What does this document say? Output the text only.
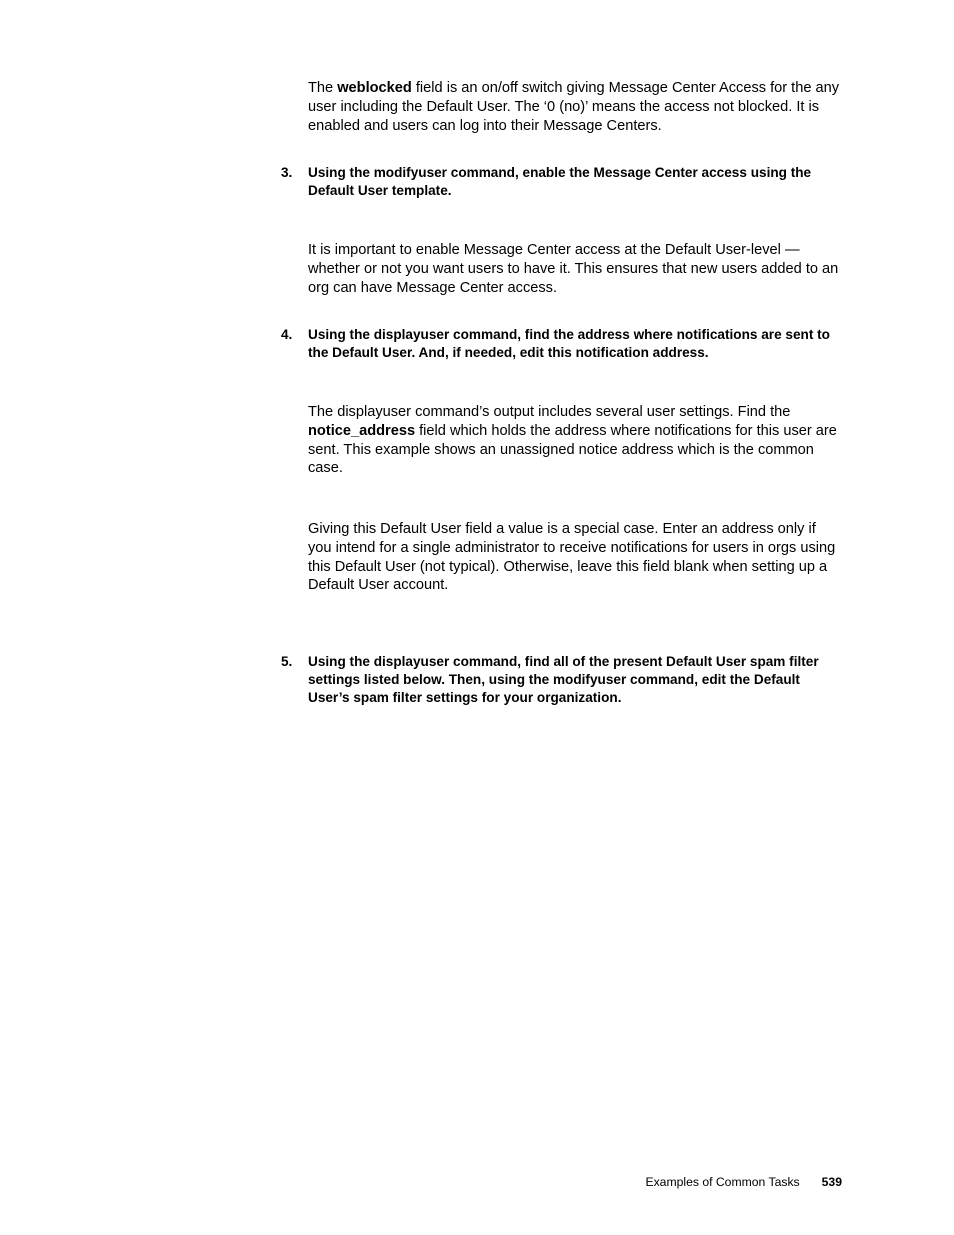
The weblocked field is an on/off switch giving Message Center Access for the any user including the Default User. The ‘0 (no)’ means the access not blocked. It is enabled and users can log into their Message Centers.

3. Using the modifyuser command, enable the Message Center access using the Default User template.

It is important to enable Message Center access at the Default User-level — whether or not you want users to have it. This ensures that new users added to an org can have Message Center access.

4. Using the displayuser command, find the address where notifications are sent to the Default User. And, if needed, edit this notification address.

The displayuser command’s output includes several user settings. Find the notice_address field which holds the address where notifications for this user are sent. This example shows an unassigned notice address which is the common case.

Giving this Default User field a value is a special case. Enter an address only if you intend for a single administrator to receive notifications for users in orgs using this Default User (not typical). Otherwise, leave this field blank when setting up a Default User account.

5. Using the displayuser command, find all of the present Default User spam filter settings listed below. Then, using the modifyuser command, edit the Default User’s spam filter settings for your organization.
Examples of Common Tasks 539
